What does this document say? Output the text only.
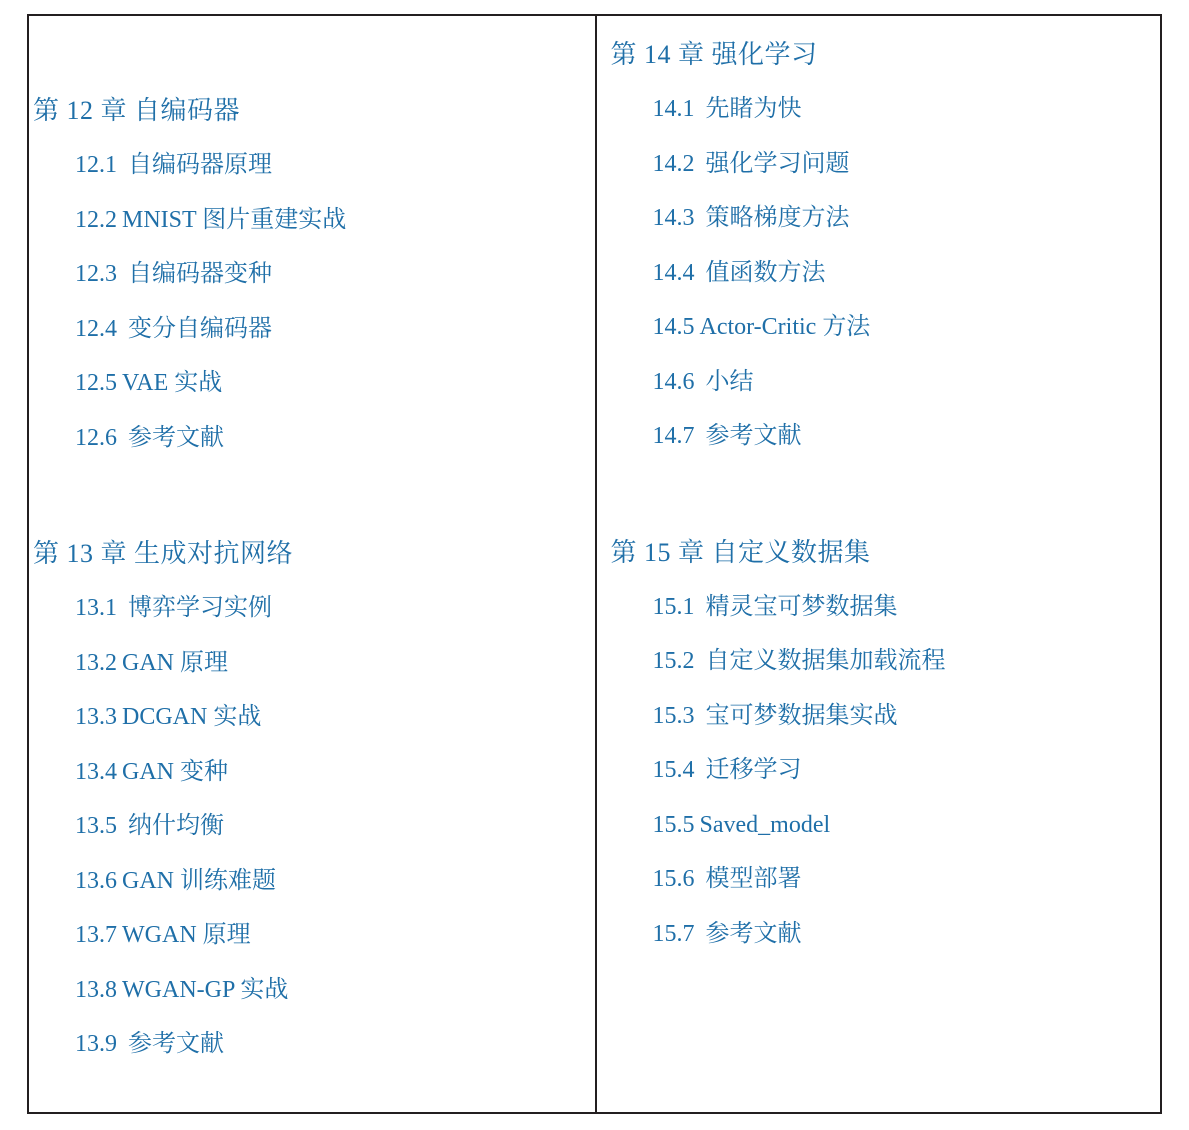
第 12 章 自编码器
12.1 自编码器原理
12.2 MNIST 图片重建实战
12.3 自编码器变种
12.4 变分自编码器
12.5 VAE 实战
12.6 参考文献
第 13 章 生成对抗网络
13.1 博弈学习实例
13.2 GAN 原理
13.3 DCGAN 实战
13.4 GAN 变种
13.5 纳什均衡
13.6 GAN 训练难题
13.7 WGAN 原理
13.8 WGAN-GP 实战
13.9 参考文献
第 14 章 强化学习
14.1 先睹为快
14.2 强化学习问题
14.3 策略梯度方法
14.4 值函数方法
14.5 Actor-Critic 方法
14.6 小结
14.7 参考文献
第 15 章 自定义数据集
15.1 精灵宝可梦数据集
15.2 自定义数据集加载流程
15.3 宝可梦数据集实战
15.4 迁移学习
15.5 Saved_model
15.6 模型部署
15.7 参考文献
